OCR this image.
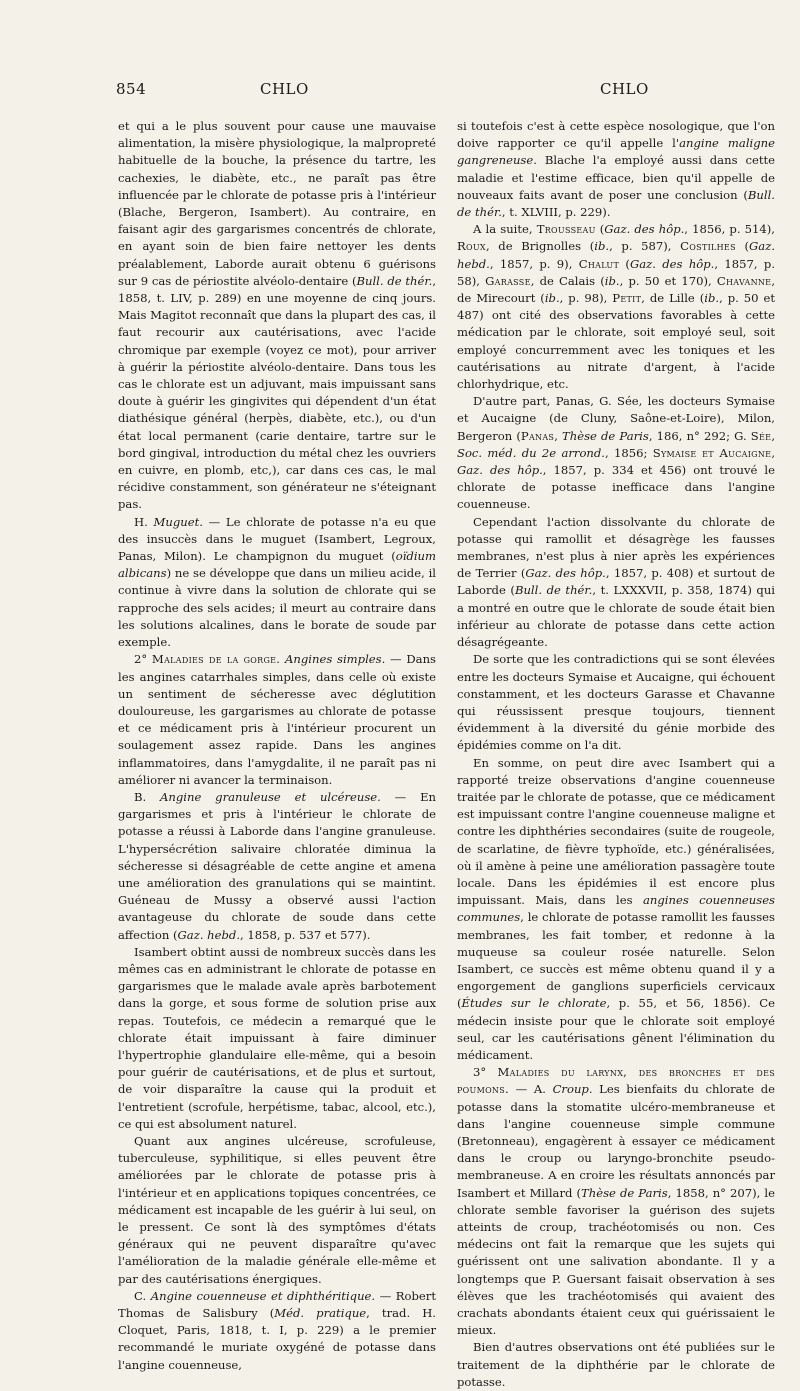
854	CHLO	CHLO

et qui a le plus souvent pour cause une mauvaise alimentation, la misère physiologique, la malpropreté habituelle de la bouche, la présence du tartre, les cachexies, le diabète, etc., ne paraît pas être influencée par le chlorate de potasse pris à l'intérieur (Blache, Bergeron, Isambert). Au contraire, en faisant agir des gargarismes concentrés de chlorate, en ayant soin de bien faire nettoyer les dents préalablement, Laborde aurait obtenu 6 guérisons sur 9 cas de périostite alvéolo-dentaire (Bull. de thér., 1858, t. LIV, p. 289) en une moyenne de cinq jours. Mais Magitot reconnaît que dans la plupart des cas, il faut recourir aux cautérisations, avec l'acide chromique par exemple (voyez ce mot), pour arriver à guérir la périostite alvéolo-dentaire. Dans tous les cas le chlorate est un adjuvant, mais impuissant sans doute à guérir les gingivites qui dépendent d'un état diathésique général (herpès, diabète, etc.), ou d'un état local permanent (carie dentaire, tartre sur le bord gingival, introduction du métal chez les ouvriers en cuivre, en plomb, etc,), car dans ces cas, le mal récidive constamment, son générateur ne s'éteignant pas.

H. Muguet. — Le chlorate de potasse n'a eu que des insuccès dans le muguet (Isambert, Legroux, Panas, Milon). Le champignon du muguet (oïdium albicans) ne se développe que dans un milieu acide, il continue à vivre dans la solution de chlorate qui se rapproche des sels acides; il meurt au contraire dans les solutions alcalines, dans le borate de soude par exemple.

2° Maladies de la gorge. Angines simples. — Dans les angines catarrhales simples, dans celle où existe un sentiment de sécheresse avec déglutition douloureuse, les gargarismes au chlorate de potasse et ce médicament pris à l'intérieur procurent un soulagement assez rapide. Dans les angines inflammatoires, dans l'amygdalite, il ne paraît pas ni améliorer ni avancer la terminaison.

B. Angine granuleuse et ulcéreuse. — En gargarismes et pris à l'intérieur le chlorate de potasse a réussi à Laborde dans l'angine granuleuse. L'hypersécrétion salivaire chloratée diminua la sécheresse si désagréable de cette angine et amena une amélioration des granulations qui se maintint. Guéneau de Mussy a observé aussi l'action avantageuse du chlorate de soude dans cette affection (Gaz. hebd., 1858, p. 537 et 577).

Isambert obtint aussi de nombreux succès dans les mêmes cas en administrant le chlorate de potasse en gargarismes que le malade avale après barbotement dans la gorge, et sous forme de solution prise aux repas. Toutefois, ce médecin a remarqué que le chlorate était impuissant à faire diminuer l'hypertrophie glandulaire elle-même, qui a besoin pour guérir de cautérisations, et de plus et surtout, de voir disparaître la cause qui la produit et l'entretient (scrofule, herpétisme, tabac, alcool, etc.), ce qui est absolument naturel.

Quant aux angines ulcéreuse, scrofuleuse, tuberculeuse, syphilitique, si elles peuvent être améliorées par le chlorate de potasse pris à l'intérieur et en applications topiques concentrées, ce médicament est incapable de les guérir à lui seul, on le pressent. Ce sont là des symptômes d'états généraux qui ne peuvent disparaître qu'avec l'amélioration de la maladie générale elle-même et par des cautérisations énergiques.

C. Angine couenneuse et diphthéritique. — Robert Thomas de Salisbury (Méd. pratique, trad. H. Cloquet, Paris, 1818, t. I, p. 229) a le premier recommandé le muriate oxygéné de potasse dans l'angine couenneuse,

si toutefois c'est à cette espèce nosologique, que l'on doive rapporter ce qu'il appelle l'angine maligne gangreneuse. Blache l'a employé aussi dans cette maladie et l'estime efficace, bien qu'il appelle de nouveaux faits avant de poser une conclusion (Bull. de thér., t. XLVIII, p. 229).

A la suite, Trousseau (Gaz. des hôp., 1856, p. 514), Roux, de Brignolles (ib., p. 587), Costilhes (Gaz. hebd., 1857, p. 9), Chalut (Gaz. des hôp., 1857, p. 58), Garasse, de Calais (ib., p. 50 et 170), Chavanne, de Mirecourt (ib., p. 98), Petit, de Lille (ib., p. 50 et 487) ont cité des observations favorables à cette médication par le chlorate, soit employé seul, soit employé concurremment avec les toniques et les cautérisations au nitrate d'argent, à l'acide chlorhydrique, etc.

D'autre part, Panas, G. Sée, les docteurs Symaise et Aucaigne (de Cluny, Saône-et-Loire), Milon, Bergeron (Panas, Thèse de Paris, 186, n° 292; G. Sée, Soc. méd. du 2e arrond., 1856; Symaise et Aucaigne, Gaz. des hôp., 1857, p. 334 et 456) ont trouvé le chlorate de potasse inefficace dans l'angine couenneuse.

Cependant l'action dissolvante du chlorate de potasse qui ramollit et désagrège les fausses membranes, n'est plus à nier après les expériences de Terrier (Gaz. des hôp., 1857, p. 408) et surtout de Laborde (Bull. de thér., t. LXXXVII, p. 358, 1874) qui a montré en outre que le chlorate de soude était bien inférieur au chlorate de potasse dans cette action désagrégeante.

De sorte que les contradictions qui se sont élevées entre les docteurs Symaise et Aucaigne, qui échouent constamment, et les docteurs Garasse et Chavanne qui réussissent presque toujours, tiennent évidemment à la diversité du génie morbide des épidémies comme on l'a dit.

En somme, on peut dire avec Isambert qui a rapporté treize observations d'angine couenneuse traitée par le chlorate de potasse, que ce médicament est impuissant contre l'angine couenneuse maligne et contre les diphthéries secondaires (suite de rougeole, de scarlatine, de fièvre typhoïde, etc.) généralisées, où il amène à peine une amélioration passagère toute locale. Dans les épidémies il est encore plus impuissant. Mais, dans les angines couenneuses communes, le chlorate de potasse ramollit les fausses membranes, les fait tomber, et redonne à la muqueuse sa couleur rosée naturelle. Selon Isambert, ce succès est même obtenu quand il y a engorgement de ganglions superficiels cervicaux (Études sur le chlorate, p. 55, et 56, 1856). Ce médecin insiste pour que le chlorate soit employé seul, car les cautérisations gênent l'élimination du médicament.

3° Maladies du larynx, des bronches et des poumons. — A. Croup. Les bienfaits du chlorate de potasse dans la stomatite ulcéro-membraneuse et dans l'angine couenneuse simple commune (Bretonneau), engagèrent à essayer ce médicament dans le croup ou laryngo-bronchite pseudo-membraneuse. A en croire les résultats annoncés par Isambert et Millard (Thèse de Paris, 1858, n° 207), le chlorate semble favoriser la guérison des sujets atteints de croup, trachéotomisés ou non. Ces médecins ont fait la remarque que les sujets qui guérissent ont une salivation abondante. Il y a longtemps que P. Guersant faisait observation à ses élèves que les trachéotomisés qui avaient des crachats abondants étaient ceux qui guérissaient le mieux.

Bien d'autres observations ont été publiées sur le traitement de la diphthérie par le chlorate de potasse.
